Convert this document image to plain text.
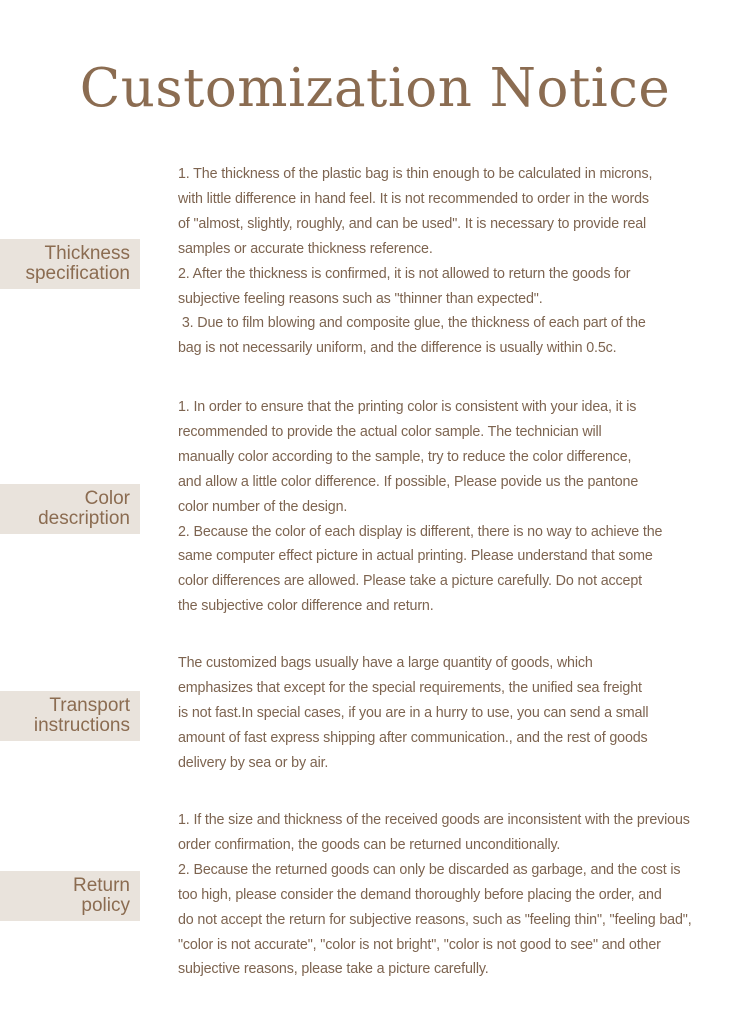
Customization Notice
Thickness
specification

1. The thickness of the plastic bag is thin enough to be calculated in microns,

with little difference in hand feel. It is not recommended to order in the words

of "almost, slightly, roughly, and can be used". It is necessary to provide real

samples or accurate thickness reference.

2. After the thickness is confirmed, it is not allowed to return the goods for

subjective feeling reasons such as "thinner than expected".

3. Due to film blowing and composite glue, the thickness of each part of the

bag is not necessarily uniform, and the difference is usually within 0.5c.

Color
description

1. In order to ensure that the printing color is consistent with your idea, it is

recommended to provide the actual color sample. The technician will

manually color according to the sample, try to reduce the color difference,

and allow a little color difference. If possible, Please povide us the pantone

color number of the design.

2. Because the color of each display is different, there is no way to achieve the

same computer effect picture in actual printing. Please understand that some

color differences are allowed. Please take a picture carefully. Do not accept

the subjective color difference and return.

Transport
instructions

The customized bags usually have a large quantity of goods, which

emphasizes that except for the special requirements, the unified sea freight

is not fast.In special cases, if you are in a hurry to use, you can send a small

amount of fast express shipping after communication., and the rest of goods

delivery by sea or by air.

Return
policy

1. If the size and thickness of the received goods are inconsistent with the previous

order confirmation, the goods can be returned unconditionally.

2. Because the returned goods can only be discarded as garbage, and the cost is

too high, please consider the demand thoroughly before placing the order, and

do not accept the return for subjective reasons, such as "feeling thin", "feeling bad",

"color is not accurate", "color is not bright", "color is not good to see" and other

subjective reasons, please take a picture carefully.
